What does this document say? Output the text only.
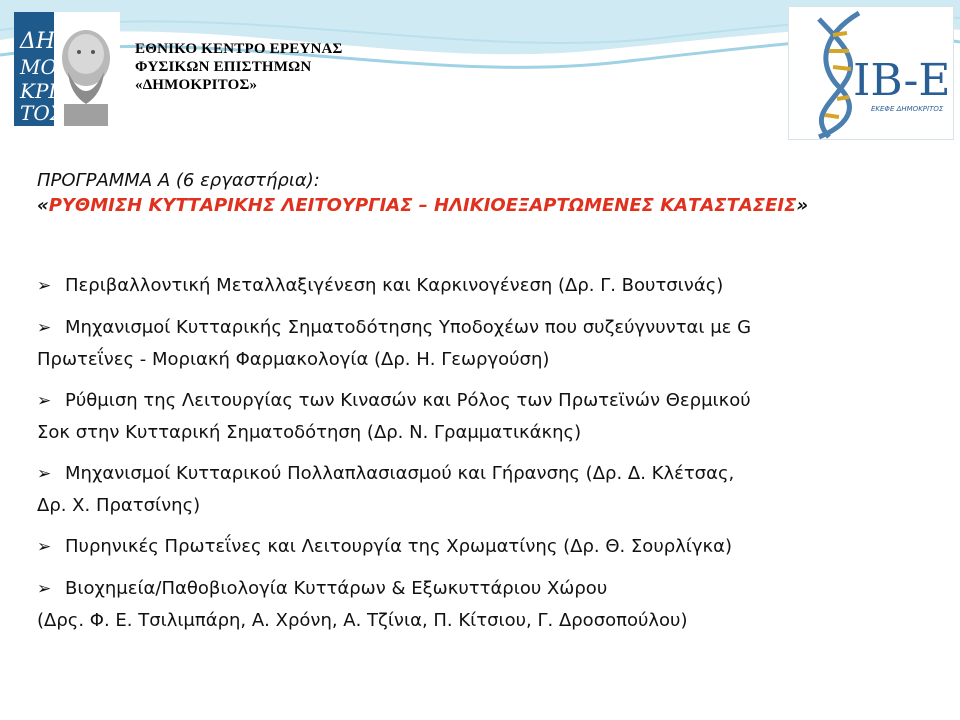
ΔΗ
ΜΟ
ΚΡΙ
ΤΟΣ
ΕΘΝΙΚΟ ΚΕΝΤΡΟ ΕΡΕΥΝΑΣ
ΦΥΣΙΚΩΝ ΕΠΙΣΤΗΜΩΝ
«ΔΗΜΟΚΡΙΤΟΣ»	IB-E
ΕΚΕΦΕ ΔΗΜΟΚΡΙΤΟΣ
ΠΡΟΓΡΑΜΜΑ Α (6 εργαστήρια):
«ΡΥΘΜΙΣΗ ΚΥΤΤΑΡΙΚΗΣ ΛΕΙΤΟΥΡΓΙΑΣ – ΗΛΙΚΙΟΕΞΑΡΤΩΜΕΝΕΣ ΚΑΤΑΣΤΑΣΕΙΣ»
➢ Περιβαλλοντική Μεταλλαξιγένεση και Καρκινογένεση (Δρ. Γ. Βουτσινάς)
➢ Μηχανισμοί Κυτταρικής Σηματοδότησης Υποδοχέων που συζεύγνυνται με G
Πρωτεΐνες - Μοριακή Φαρμακολογία (Δρ. Η. Γεωργούση)
➢ Ρύθμιση της Λειτουργίας των Κινασών και Ρόλος των Πρωτεϊνών Θερμικού
Σοκ στην Κυτταρική Σηματοδότηση (Δρ. Ν. Γραμματικάκης)
➢ Μηχανισμοί Κυτταρικού Πολλαπλασιασμού και Γήρανσης (Δρ. Δ. Κλέτσας,
Δρ. Χ. Πρατσίνης)
➢ Πυρηνικές Πρωτεΐνες και Λειτουργία της Χρωματίνης (Δρ. Θ. Σουρλίγκα)
➢ Βιοχημεία/Παθοβιολογία Κυττάρων & Εξωκυττάριου Χώρου
(Δρς. Φ. Ε. Τσιλιμπάρη, Α. Χρόνη, Α. Τζίνια, Π. Κίτσιου, Γ. Δροσοπούλου)
